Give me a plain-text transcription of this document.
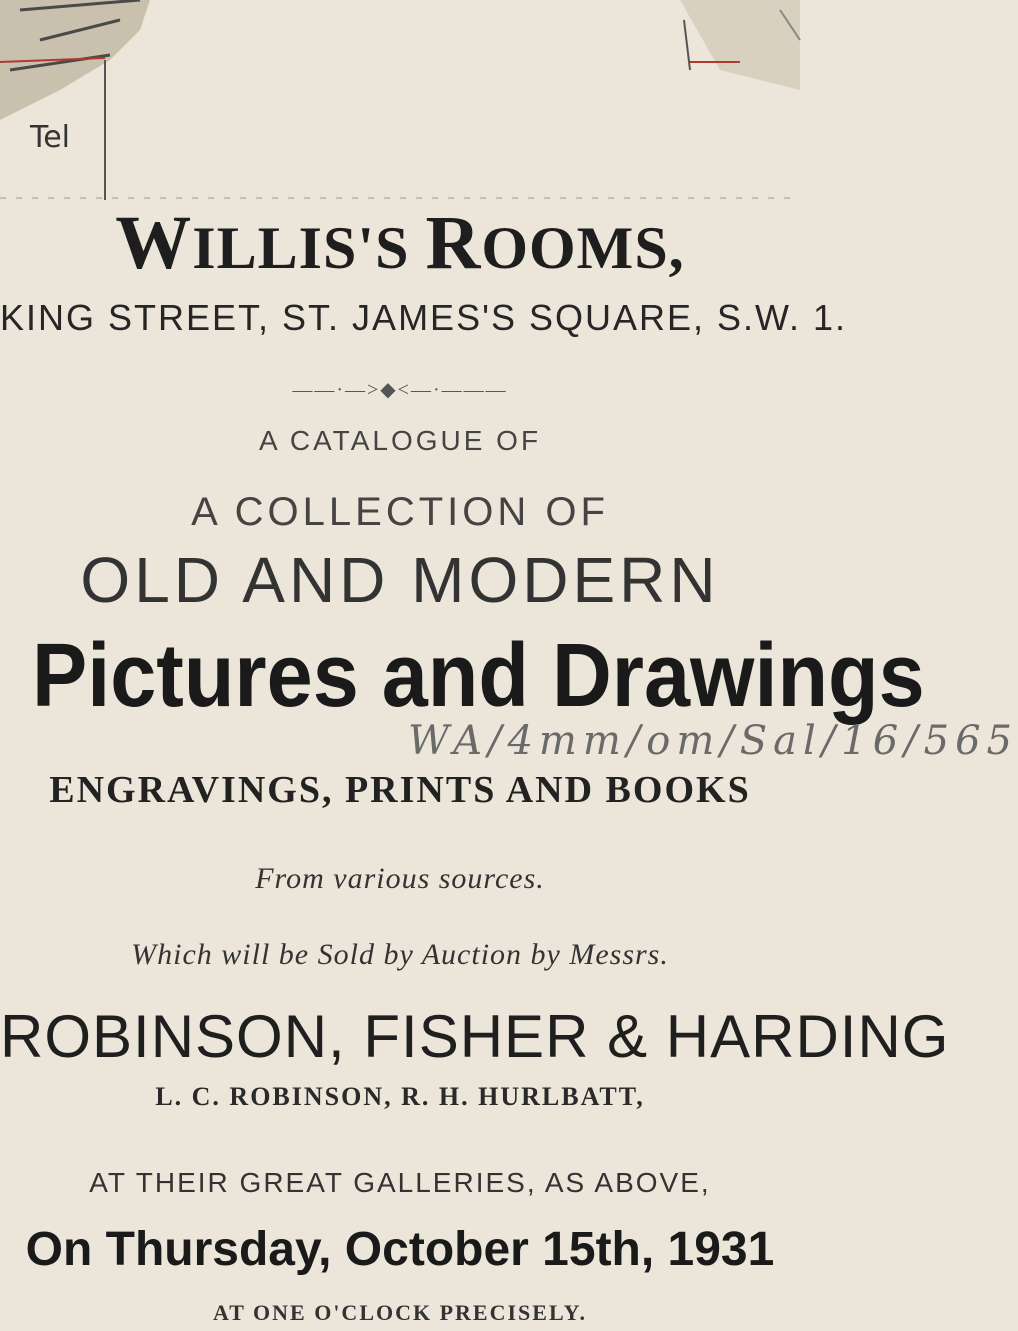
Tel
WILLIS'S ROOMS,
KING STREET, ST. JAMES'S SQUARE, S.W. 1.
——·—>◆<—·———
A CATALOGUE OF
A COLLECTION OF
OLD AND MODERN
Pictures and Drawings
WA/4mm/om/Sal/16/565
ENGRAVINGS, PRINTS AND BOOKS
From various sources.
Which will be Sold by Auction by Messrs.
ROBINSON, FISHER & HARDING
L. C. ROBINSON, R. H. HURLBATT,
AT THEIR GREAT GALLERIES, AS ABOVE,
On Thursday, October 15th, 1931
AT ONE O'CLOCK PRECISELY.
